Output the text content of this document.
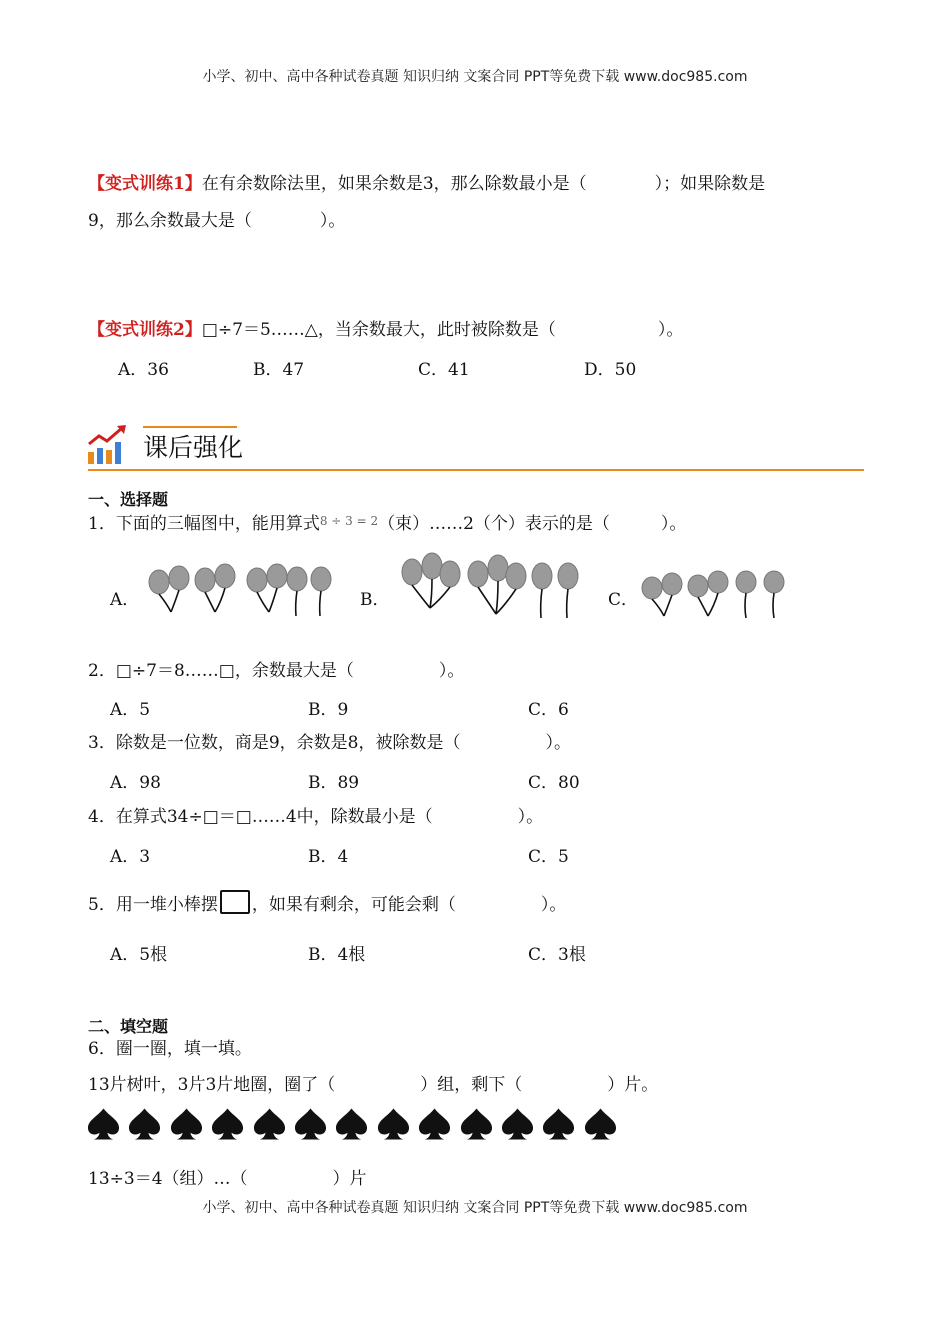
小学、初中、高中各种试卷真题 知识归纳 文案合同 PPT等免费下载 www.doc985.com
【变式训练1】在有余数除法里，如果余数是3，那么除数最小是（　　　　）；如果除数是
9，那么余数最大是（　　　　）。
【变式训练2】□÷7＝5……△，当余数最大，此时被除数是（　　　　　　）。
A．36	B．47	C．41	D．50
课后强化
一、选择题
1．下面的三幅图中，能用算式$^{8 \div 3 = 2}$（束）……2（个）表示的是（　　　）。
A．	B．	C．
2．□÷7＝8……□，余数最大是（　　　　　）。
A．5	B．9	C．6
3．除数是一位数，商是9，余数是8，被除数是（　　　　　）。
A．98	B．89	C．80
4．在算式34÷□＝□……4中，除数最小是（　　　　　）。
A．3	B．4	C．5
5．用一堆小棒摆 ，如果有剩余，可能会剩（　　　　　）。
A．5根	B．4根	C．3根
二、填空题
6．圈一圈，填一填。
13片树叶，3片3片地圈，圈了（　　　　　）组，剩下（　　　　　）片。
13÷3＝4（组）…（　　　　　）片
小学、初中、高中各种试卷真题 知识归纳 文案合同 PPT等免费下载 www.doc985.com
